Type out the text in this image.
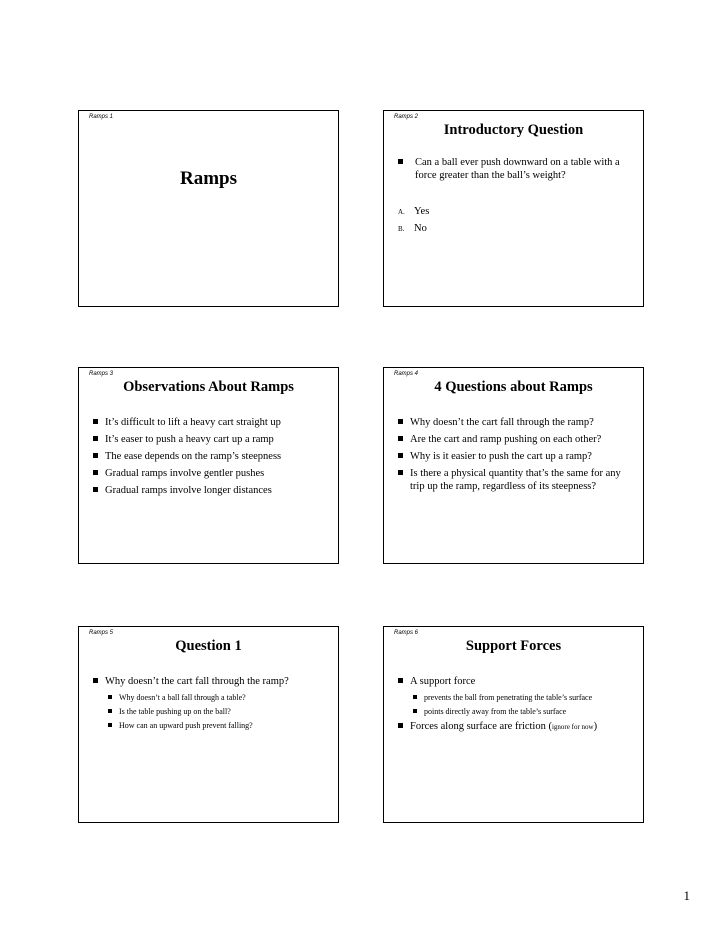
Ramps 1
Ramps
Ramps 2
Introductory Question
Can a ball ever push downward on a table with a force greater than the ball’s weight?
A. Yes
B. No
Ramps 3
Observations About Ramps
It’s difficult to lift a heavy cart straight up
It’s easer to push a heavy cart up a ramp
The ease depends on the ramp’s steepness
Gradual ramps involve gentler pushes
Gradual ramps involve longer distances
Ramps 4
4 Questions about Ramps
Why doesn’t the cart fall through the ramp?
Are the cart and ramp pushing on each other?
Why is it easier to push the cart up a ramp?
Is there a physical quantity that’s the same for any trip up the ramp, regardless of its steepness?
Ramps 5
Question 1
Why doesn’t the cart fall through the ramp?
Why doesn’t a ball fall through a table?
Is the table pushing up on the ball?
How can an upward push prevent falling?
Ramps 6
Support Forces
A support force
prevents the ball from penetrating the table’s surface
points directly away from the table’s surface
Forces along surface are friction (ignore for now)
1
